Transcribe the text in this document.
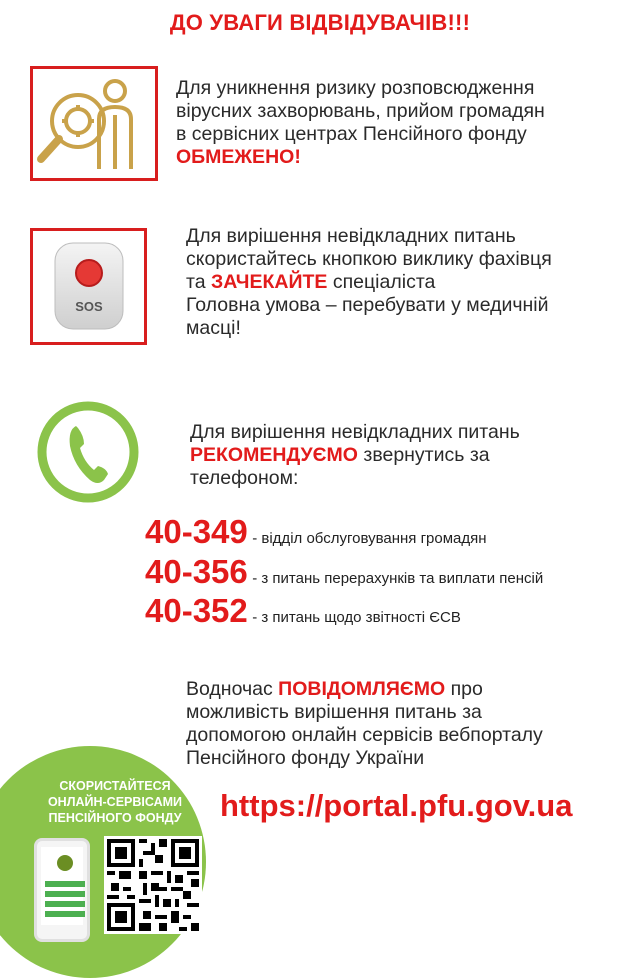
ДО УВАГИ ВІДВІДУВАЧІВ!!!
Для уникнення ризику розповсюдження
вірусних захворювань, прийом громадян
в сервісних центрах Пенсійного фонду
ОБМЕЖЕНО!
SOS
Для вирішення невідкладних питань
скористайтесь кнопкою виклику фахівця
та ЗАЧЕКАЙТЕ спеціаліста
Головна умова – перебувати у медичній
масці!
Для вирішення невідкладних питань
РЕКОМЕНДУЄМО звернутись за
телефоном:
40-349 - відділ обслуговування громадян
40-356 - з питань перерахунків та виплати пенсій
40-352 - з питань щодо звітності ЄСВ
Водночас ПОВІДОМЛЯЄМО про
можливість вирішення питань за
допомогою онлайн сервісів вебпорталу
Пенсійного фонду України
СКОРИСТАЙТЕСЯ
ОНЛАЙН-СЕРВІСАМИ
ПЕНСІЙНОГО ФОНДУ https://portal.pfu.gov.ua
